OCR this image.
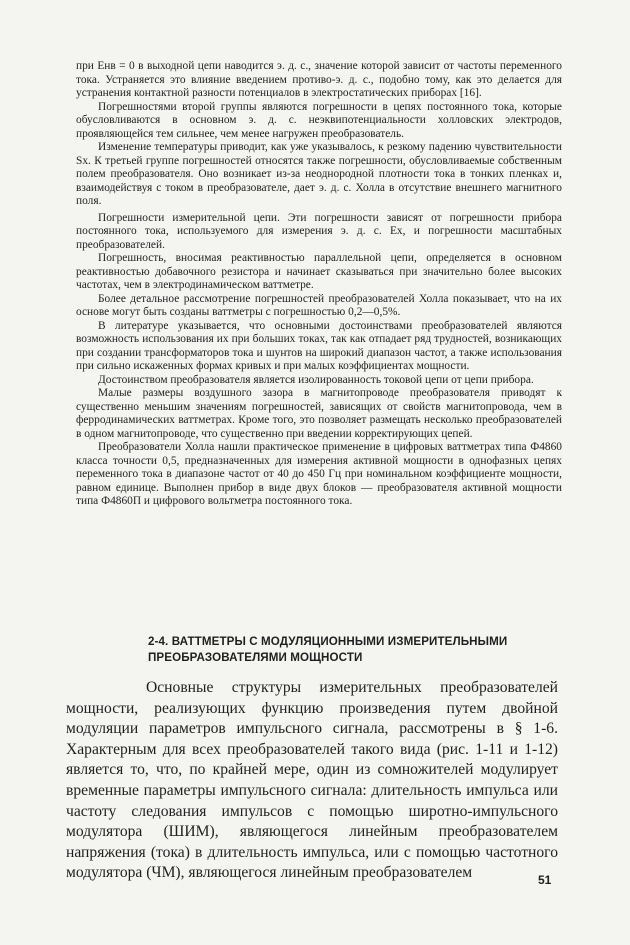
при Eнв = 0 в выходной цепи наводится э. д. с., значение которой зависит от частоты переменного тока. Устраняется это влияние введением противо-э. д. с., подобно тому, как это делается для устранения контактной разности потенциалов в электростатических приборах [16].

Погрешностями второй группы являются погрешности в цепях постоянного тока, которые обусловливаются в основном э. д. с. неэквипотенциальности холловских электродов, проявляющейся тем сильнее, чем менее нагружен преобразователь.

Изменение температуры приводит, как уже указывалось, к резкому падению чувствительности Sx. К третьей группе погрешностей относятся также погрешности, обусловливаемые собственным полем преобразователя. Оно возникает из-за неоднородной плотности тока в тонких пленках и, взаимодействуя с током в преобразователе, дает э. д. с. Холла в отсутствие внешнего магнитного поля.

Погрешности измерительной цепи. Эти погрешности зависят от погрешности прибора постоянного тока, используемого для измерения э. д. с. Ex, и погрешности масштабных преобразователей.

Погрешность, вносимая реактивностью параллельной цепи, определяется в основном реактивностью добавочного резистора и начинает сказываться при значительно более высоких частотах, чем в электродинамическом ваттметре.

Более детальное рассмотрение погрешностей преобразователей Холла показывает, что на их основе могут быть созданы ваттметры с погрешностью 0,2—0,5%.

В литературе указывается, что основными достоинствами преобразователей являются возможность использования их при больших токах, так как отпадает ряд трудностей, возникающих при создании трансформаторов тока и шунтов на широкий диапазон частот, а также использования при сильно искаженных формах кривых и при малых коэффициентах мощности.

Достоинством преобразователя является изолированность токовой цепи от цепи прибора.

Малые размеры воздушного зазора в магнитопроводе преобразователя приводят к существенно меньшим значениям погрешностей, зависящих от свойств магнитопровода, чем в ферродинамических ваттметрах. Кроме того, это позволяет размещать несколько преобразователей в одном магнитопроводе, что существенно при введении корректирующих цепей.

Преобразователи Холла нашли практическое применение в цифровых ваттметрах типа Ф4860 класса точности 0,5, предназначенных для измерения активной мощности в однофазных цепях переменного тока в диапазоне частот от 40 до 450 Гц при номинальном коэффициенте мощности, равном единице. Выполнен прибор в виде двух блоков — преобразователя активной мощности типа Ф4860П и цифрового вольтметра постоянного тока.

2-4. ВАТТМЕТРЫ С МОДУЛЯЦИОННЫМИ ИЗМЕРИТЕЛЬНЫМИ
ПРЕОБРАЗОВАТЕЛЯМИ МОЩНОСТИ

Основные структуры измерительных преобразователей мощности, реализующих функцию произведения путем двойной модуляции параметров импульсного сигнала, рассмотрены в § 1-6. Характерным для всех преобразователей такого вида (рис. 1-11 и 1-12) является то, что, по крайней мере, один из сомножителей модулирует временные параметры импульсного сигнала: длительность импульса или частоту следования импульсов с помощью широтно-импульсного модулятора (ШИМ), являющегося линейным преобразователем напряжения (тока) в длительность импульса, или с помощью частотного модулятора (ЧМ), являющегося линейным преобразователем	51
